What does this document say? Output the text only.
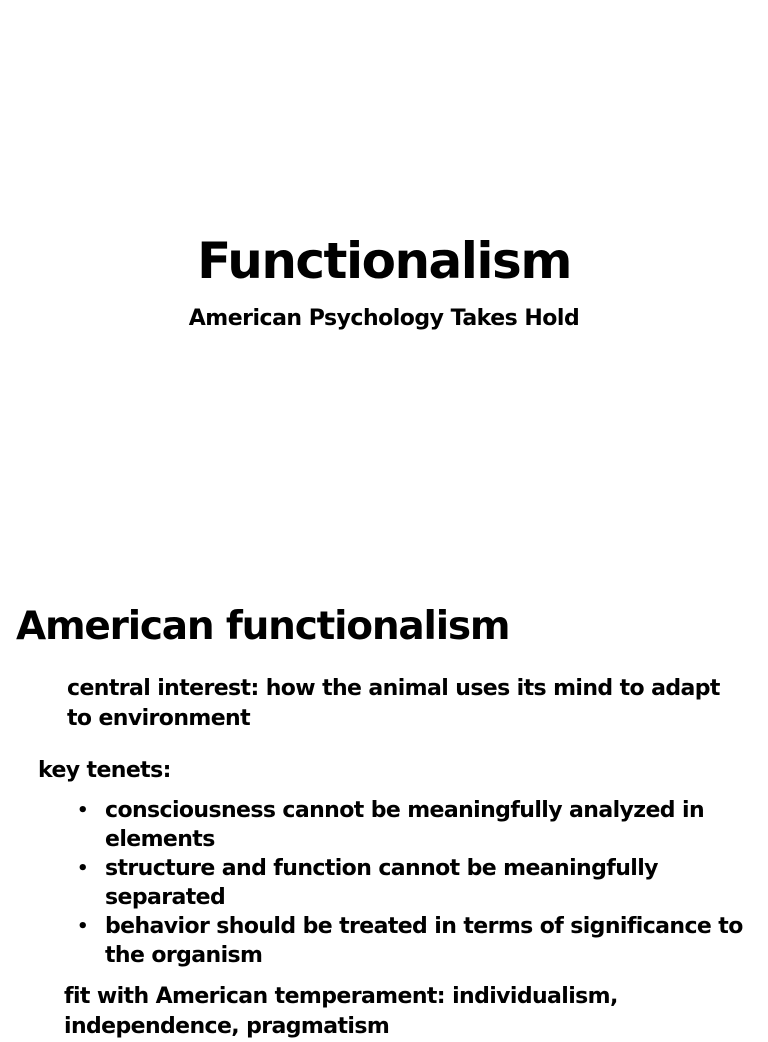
Functionalism

American Psychology Takes Hold

American functionalism

central interest: how the animal uses its mind to adapt to environment

key tenets:

• consciousness cannot be meaningfully analyzed in elements
• structure and function cannot be meaningfully separated
• behavior should be treated in terms of significance to the organism

fit with American temperament: individualism, independence, pragmatism
